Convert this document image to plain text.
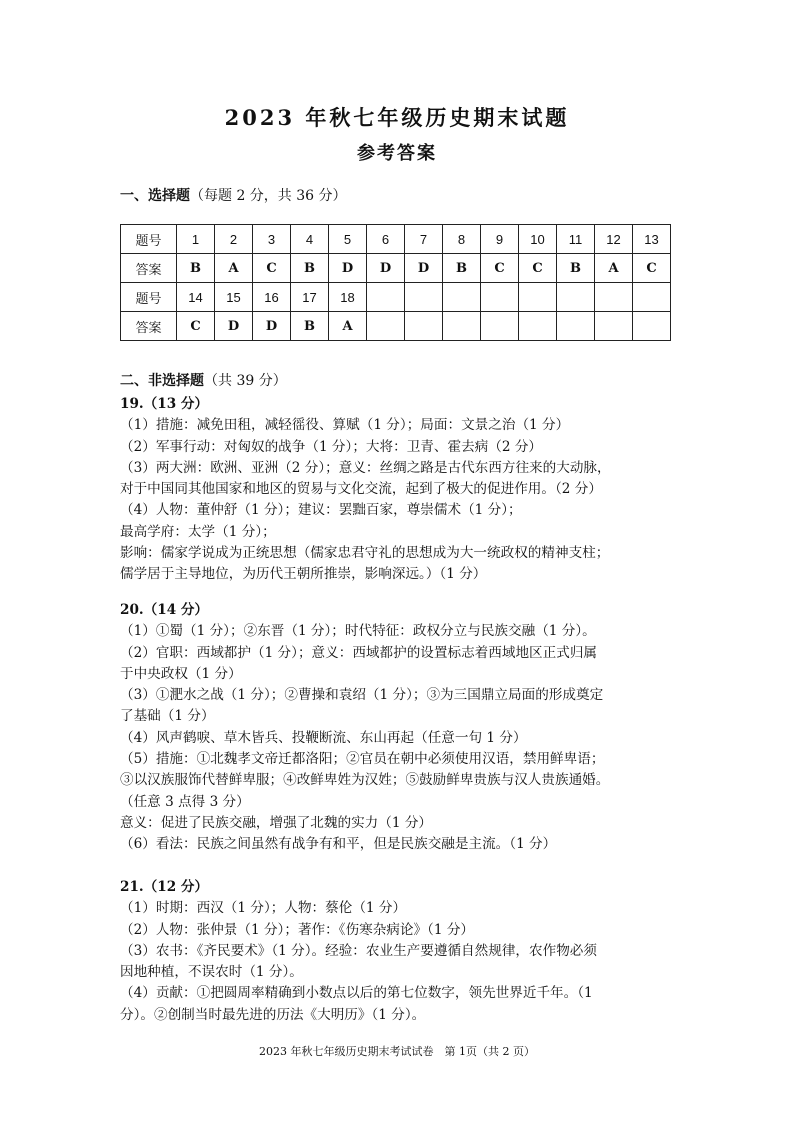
2023 年秋七年级历史期末试题
参考答案
一、选择题（每题 2 分，共 36 分）
题号	1	2	3	4	5	6	7	8	9	10	11	12	13
答案	B	A	C	B	D	D	D	B	C	C	B	A	C
题号	14	15	16	17	18								
答案	C	D	D	B	A								
二、非选择题（共 39 分）

19.（13 分）

（1）措施：减免田租，减轻徭役、算赋（1 分）；局面：文景之治（1 分）

（2）军事行动：对匈奴的战争（1 分）；大将：卫青、霍去病（2 分）

（3）两大洲：欧洲、亚洲（2 分）；意义：丝绸之路是古代东西方往来的大动脉，

对于中国同其他国家和地区的贸易与文化交流，起到了极大的促进作用。（2 分）

（4）人物：董仲舒（1 分）；建议：罢黜百家，尊崇儒术（1 分）；

最高学府：太学（1 分）；

影响：儒家学说成为正统思想（儒家忠君守礼的思想成为大一统政权的精神支柱；

儒学居于主导地位，为历代王朝所推崇，影响深远。）（1 分）

20.（14 分）

（1）①蜀（1 分）；②东晋（1 分）；时代特征：政权分立与民族交融（1 分）。

（2）官职：西域都护（1 分）；意义：西域都护的设置标志着西域地区正式归属

于中央政权（1 分）

（3）①淝水之战（1 分）；②曹操和袁绍（1 分）；③为三国鼎立局面的形成奠定

了基础（1 分）

（4）风声鹤唳、草木皆兵、投鞭断流、东山再起（任意一句 1 分）

（5）措施：①北魏孝文帝迁都洛阳；②官员在朝中必须使用汉语，禁用鲜卑语；

③以汉族服饰代替鲜卑服；④改鲜卑姓为汉姓；⑤鼓励鲜卑贵族与汉人贵族通婚。

（任意 3 点得 3 分）

意义：促进了民族交融，增强了北魏的实力（1 分）

（6）看法：民族之间虽然有战争有和平，但是民族交融是主流。（1 分）

21.（12 分）

（1）时期：西汉（1 分）；人物：蔡伦（1 分）

（2）人物：张仲景（1 分）；著作：《伤寒杂病论》（1 分）

（3）农书：《齐民要术》（1 分）。经验：农业生产要遵循自然规律，农作物必须

因地种植，不误农时（1 分）。

（4）贡献：①把圆周率精确到小数点以后的第七位数字，领先世界近千年。（1

分）。②创制当时最先进的历法《大明历》（1 分）。

2023 年秋七年级历史期末考试试卷　第 1页（共 2 页）
